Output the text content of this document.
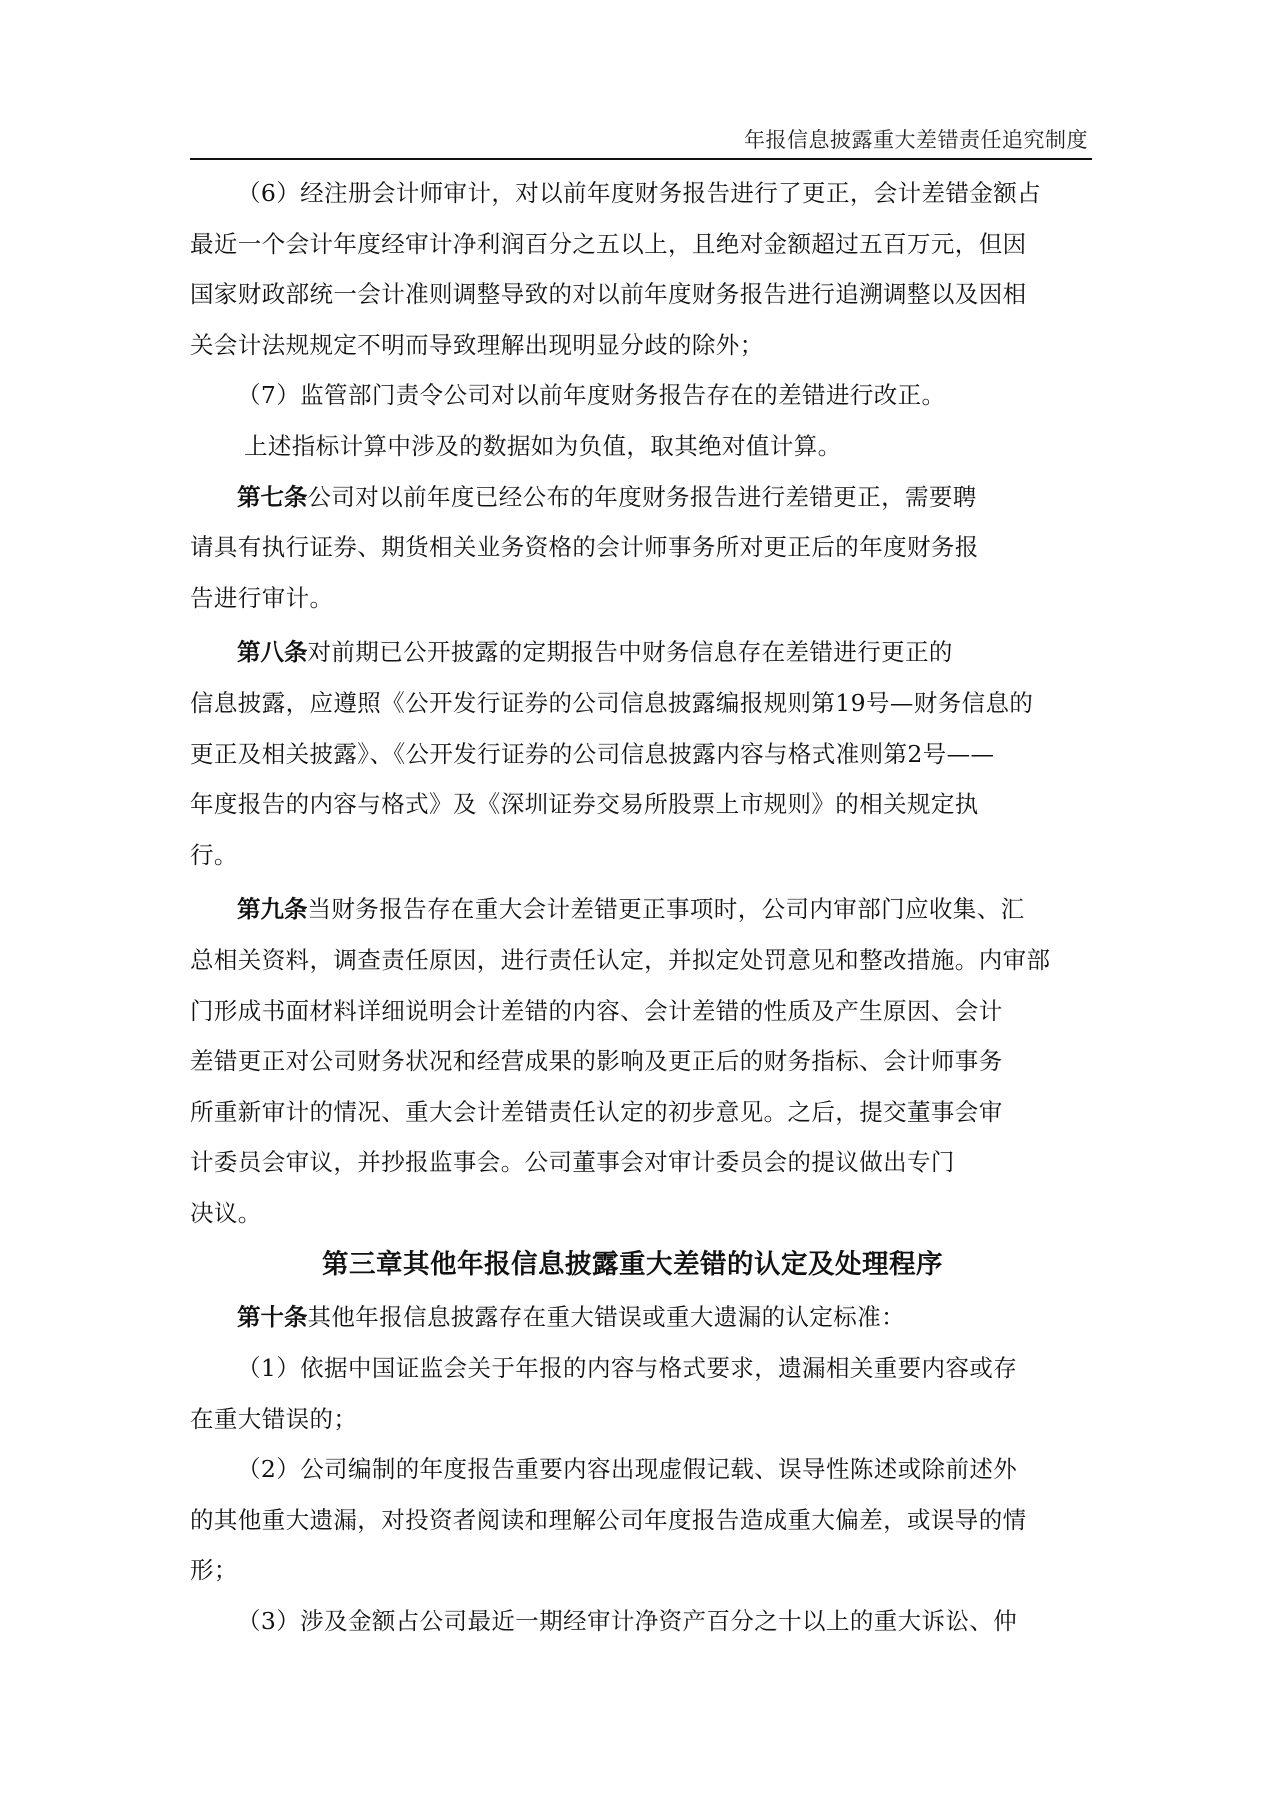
年报信息披露重大差错责任追究制度
（6）经注册会计师审计，对以前年度财务报告进行了更正，会计差错金额占
最近一个会计年度经审计净利润百分之五以上，且绝对金额超过五百万元，但因
国家财政部统一会计准则调整导致的对以前年度财务报告进行追溯调整以及因相
关会计法规规定不明而导致理解出现明显分歧的除外；
（7）监管部门责令公司对以前年度财务报告存在的差错进行改正。
上述指标计算中涉及的数据如为负值，取其绝对值计算。
第七条公司对以前年度已经公布的年度财务报告进行差错更正，需要聘
请具有执行证券、期货相关业务资格的会计师事务所对更正后的年度财务报
告进行审计。
第八条对前期已公开披露的定期报告中财务信息存在差错进行更正的
信息披露，应遵照《公开发行证券的公司信息披露编报规则第19号—财务信息的
更正及相关披露》、《公开发行证券的公司信息披露内容与格式准则第2号——
年度报告的内容与格式》及《深圳证券交易所股票上市规则》的相关规定执
行。
第九条当财务报告存在重大会计差错更正事项时，公司内审部门应收集、汇
总相关资料，调查责任原因，进行责任认定，并拟定处罚意见和整改措施。内审部
门形成书面材料详细说明会计差错的内容、会计差错的性质及产生原因、会计
差错更正对公司财务状况和经营成果的影响及更正后的财务指标、会计师事务
所重新审计的情况、重大会计差错责任认定的初步意见。之后，提交董事会审
计委员会审议，并抄报监事会。公司董事会对审计委员会的提议做出专门
决议。
第三章其他年报信息披露重大差错的认定及处理程序
第十条其他年报信息披露存在重大错误或重大遗漏的认定标准：
（1）依据中国证监会关于年报的内容与格式要求，遗漏相关重要内容或存
在重大错误的；
（2）公司编制的年度报告重要内容出现虚假记载、误导性陈述或除前述外
的其他重大遗漏，对投资者阅读和理解公司年度报告造成重大偏差，或误导的情
形；
（3）涉及金额占公司最近一期经审计净资产百分之十以上的重大诉讼、仲
